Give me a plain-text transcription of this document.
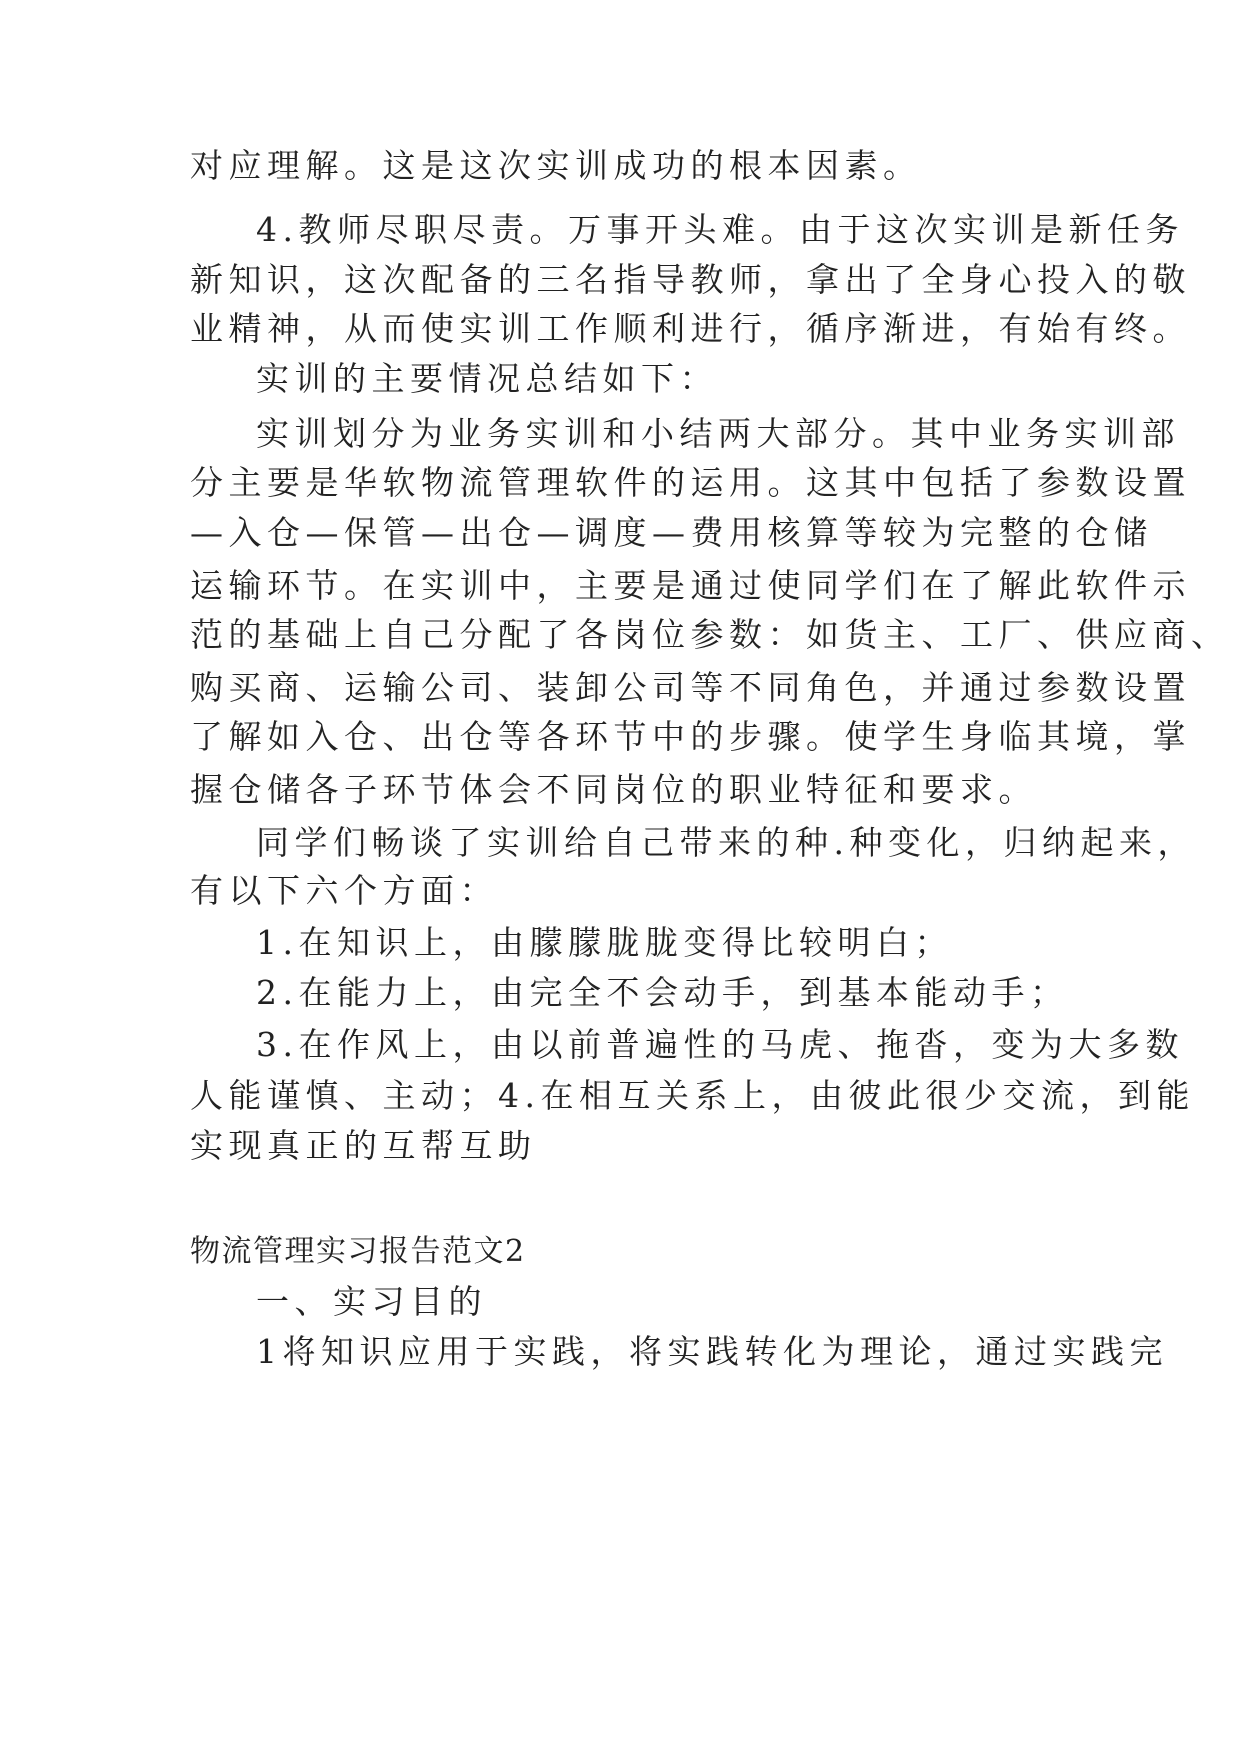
对应理解。这是这次实训成功的根本因素。
4.教师尽职尽责。万事开头难。由于这次实训是新任务
新知识，这次配备的三名指导教师，拿出了全身心投入的敬
业精神，从而使实训工作顺利进行，循序渐进，有始有终。
实训的主要情况总结如下：
实训划分为业务实训和小结两大部分。其中业务实训部
分主要是华软物流管理软件的运用。这其中包括了参数设置
—入仓—保管—出仓—调度—费用核算等较为完整的仓储
运输环节。在实训中，主要是通过使同学们在了解此软件示
范的基础上自己分配了各岗位参数：如货主、工厂、供应商、
购买商、运输公司、装卸公司等不同角色，并通过参数设置
了解如入仓、出仓等各环节中的步骤。使学生身临其境，掌
握仓储各子环节体会不同岗位的职业特征和要求。
同学们畅谈了实训给自己带来的种.种变化，归纳起来，
有以下六个方面：
1.在知识上，由朦朦胧胧变得比较明白；
2.在能力上，由完全不会动手，到基本能动手；
3.在作风上，由以前普遍性的马虎、拖沓，变为大多数
人能谨慎、主动；4.在相互关系上，由彼此很少交流，到能
实现真正的互帮互助
物流管理实习报告范文2
一、实习目的
1将知识应用于实践，将实践转化为理论，通过实践完
